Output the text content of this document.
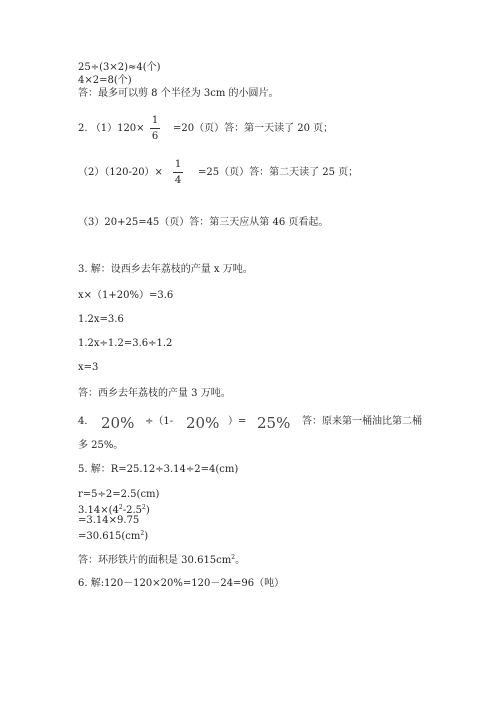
25÷(3×2)≈4(个)
4×2=8(个)
答：最多可以剪 8 个半径为 3cm 的小圆片。
2. （1）120×
1
6
=20（页）答：第一天读了 20 页；
（2）（120-20）×
1
4
=25（页）答：第二天读了 25 页；
（3）20+25=45（页）答：第三天应从第 46 页看起。
3. 解：设西乡去年荔枝的产量 x 万吨。
x×（1+20%）=3.6
1.2x=3.6
1.2x÷1.2=3.6÷1.2
x=3
答：西乡去年荔枝的产量 3 万吨。
4. 20% ÷（1- 20% ）= 25% 答：原来第一桶油比第二桶
多 25%。
5. 解：R=25.12÷3.14÷2=4(cm)
r=5÷2=2.5(cm)
$3.14\times(4^2-2.5^2)$
=3.14×9.75
$=30.615(cm^2)$
答：环形铁片的面积是 $30.615cm^2$。
6. 解:120－120×20%=120－24=96（吨）
